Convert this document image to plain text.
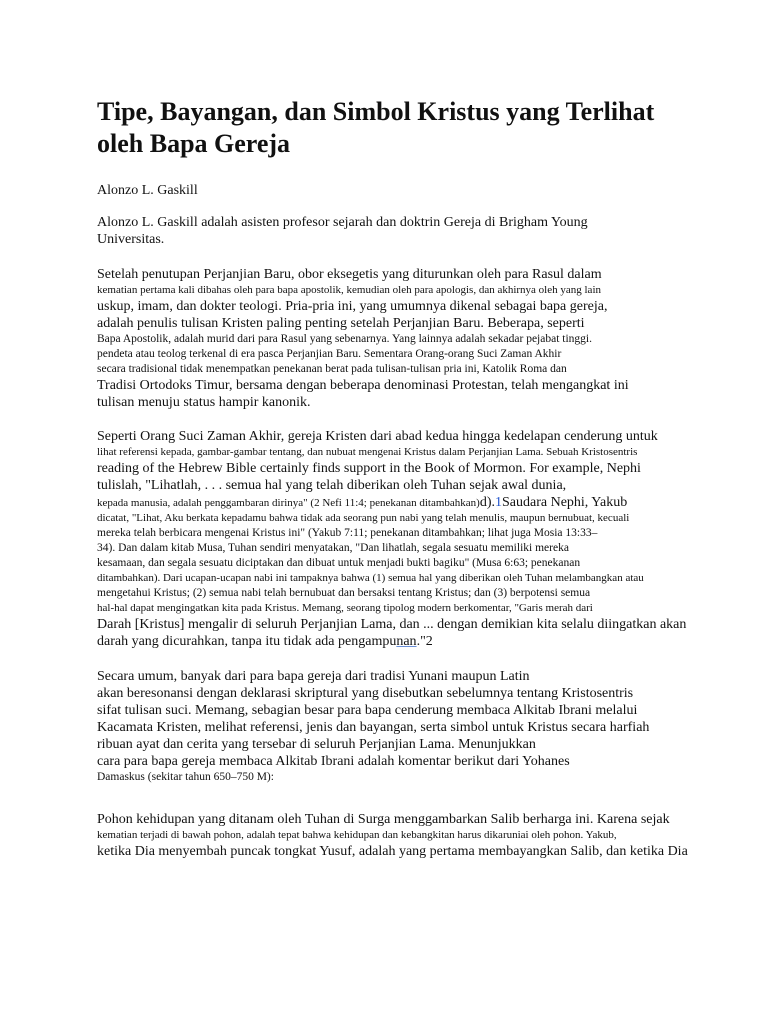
Tipe, Bayangan, dan Simbol Kristus yang Terlihat oleh Bapa Gereja

Alonzo L. Gaskill

Alonzo L. Gaskill adalah asisten profesor sejarah dan doktrin Gereja di Brigham Young
Universitas.
Setelah penutupan Perjanjian Baru, obor eksegetis yang diturunkan oleh para Rasul dalam
kematian pertama kali dibahas oleh para bapa apostolik, kemudian oleh para apologis, dan akhirnya oleh yang lain
uskup, imam, dan dokter teologi. Pria-pria ini, yang umumnya dikenal sebagai bapa gereja,
adalah penulis tulisan Kristen paling penting setelah Perjanjian Baru. Beberapa, seperti
Bapa Apostolik, adalah murid dari para Rasul yang sebenarnya. Yang lainnya adalah sekadar pejabat tinggi.
pendeta atau teolog terkenal di era pasca Perjanjian Baru. Sementara Orang-orang Suci Zaman Akhir
secara tradisional tidak menempatkan penekanan berat pada tulisan-tulisan pria ini, Katolik Roma dan
Tradisi Ortodoks Timur, bersama dengan beberapa denominasi Protestan, telah mengangkat ini
tulisan menuju status hampir kanonik.
Seperti Orang Suci Zaman Akhir, gereja Kristen dari abad kedua hingga kedelapan cenderung untuk
lihat referensi kepada, gambar-gambar tentang, dan nubuat mengenai Kristus dalam Perjanjian Lama. Sebuah Kristosentris
reading of the Hebrew Bible certainly finds support in the Book of Mormon. For example, Nephi
tulislah, "Lihatlah, . . . semua hal yang telah diberikan oleh Tuhan sejak awal dunia,
kepada manusia, adalah penggambaran dirinya" (2 Nefi 11:4; penekanan ditambahkan)d).1Saudara Nephi, Yakub
dicatat, "Lihat, Aku berkata kepadamu bahwa tidak ada seorang pun nabi yang telah menulis, maupun bernubuat, kecuali
mereka telah berbicara mengenai Kristus ini" (Yakub 7:11; penekanan ditambahkan; lihat juga Mosia 13:33–
34). Dan dalam kitab Musa, Tuhan sendiri menyatakan, "Dan lihatlah, segala sesuatu memiliki mereka
kesamaan, dan segala sesuatu diciptakan dan dibuat untuk menjadi bukti bagiku" (Musa 6:63; penekanan
ditambahkan). Dari ucapan-ucapan nabi ini tampaknya bahwa (1) semua hal yang diberikan oleh Tuhan melambangkan atau
mengetahui Kristus; (2) semua nabi telah bernubuat dan bersaksi tentang Kristus; dan (3) berpotensi semua
hal-hal dapat mengingatkan kita pada Kristus. Memang, seorang tipolog modern berkomentar, "Garis merah dari
Darah [Kristus] mengalir di seluruh Perjanjian Lama, dan ... dengan demikian kita selalu diingatkan akan
darah yang dicurahkan, tanpa itu tidak ada pengampunan."2
Secara umum, banyak dari para bapa gereja dari tradisi Yunani maupun Latin
akan beresonansi dengan deklarasi skriptural yang disebutkan sebelumnya tentang Kristosentris
sifat tulisan suci. Memang, sebagian besar para bapa cenderung membaca Alkitab Ibrani melalui
Kacamata Kristen, melihat referensi, jenis dan bayangan, serta simbol untuk Kristus secara harfiah
ribuan ayat dan cerita yang tersebar di seluruh Perjanjian Lama. Menunjukkan
cara para bapa gereja membaca Alkitab Ibrani adalah komentar berikut dari Yohanes
Damaskus (sekitar tahun 650–750 M):
Pohon kehidupan yang ditanam oleh Tuhan di Surga menggambarkan Salib berharga ini. Karena sejak
kematian terjadi di bawah pohon, adalah tepat bahwa kehidupan dan kebangkitan harus dikaruniai oleh pohon. Yakub,
ketika Dia menyembah puncak tongkat Yusuf, adalah yang pertama membayangkan Salib, dan ketika Dia
